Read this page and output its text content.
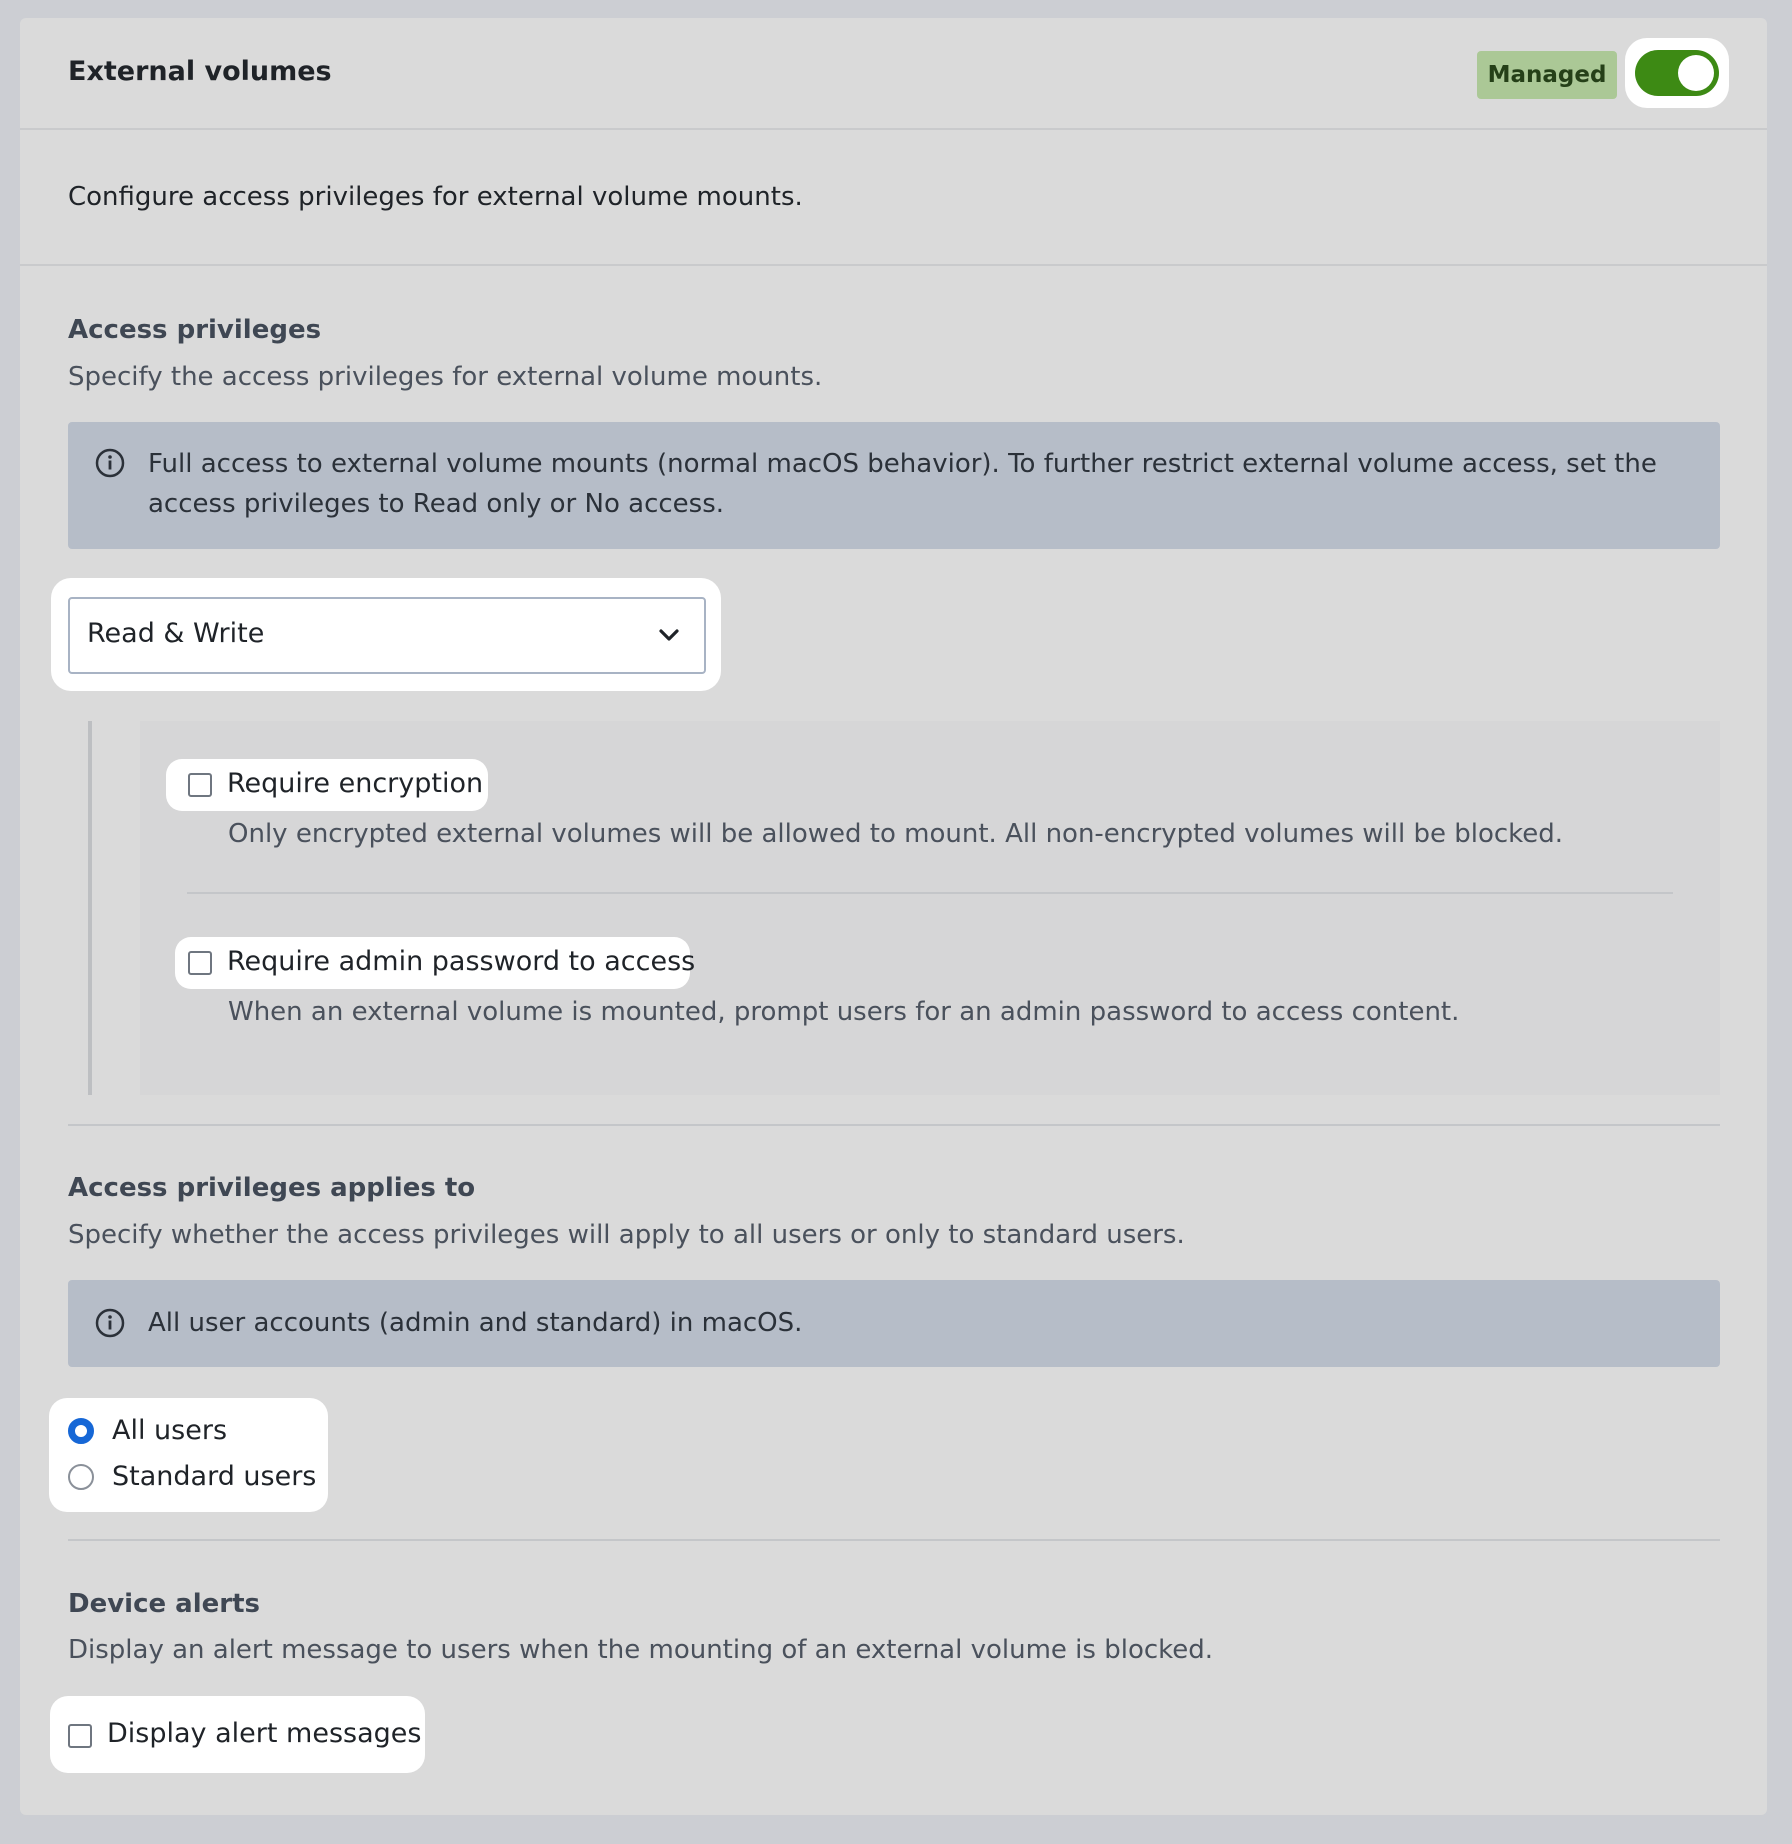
External volumes	Managed
Configure access privileges for external volume mounts.
Access privileges
Specify the access privileges for external volume mounts.
Full access to external volume mounts (normal macOS behavior). To further restrict external volume access, set the access privileges to Read only or No access.
Read & Write
Require encryption
Only encrypted external volumes will be allowed to mount. All non-encrypted volumes will be blocked.
Require admin password to access
When an external volume is mounted, prompt users for an admin password to access content.
Access privileges applies to
Specify whether the access privileges will apply to all users or only to standard users.
All user accounts (admin and standard) in macOS.
All users
Standard users
Device alerts
Display an alert message to users when the mounting of an external volume is blocked.
Display alert messages
